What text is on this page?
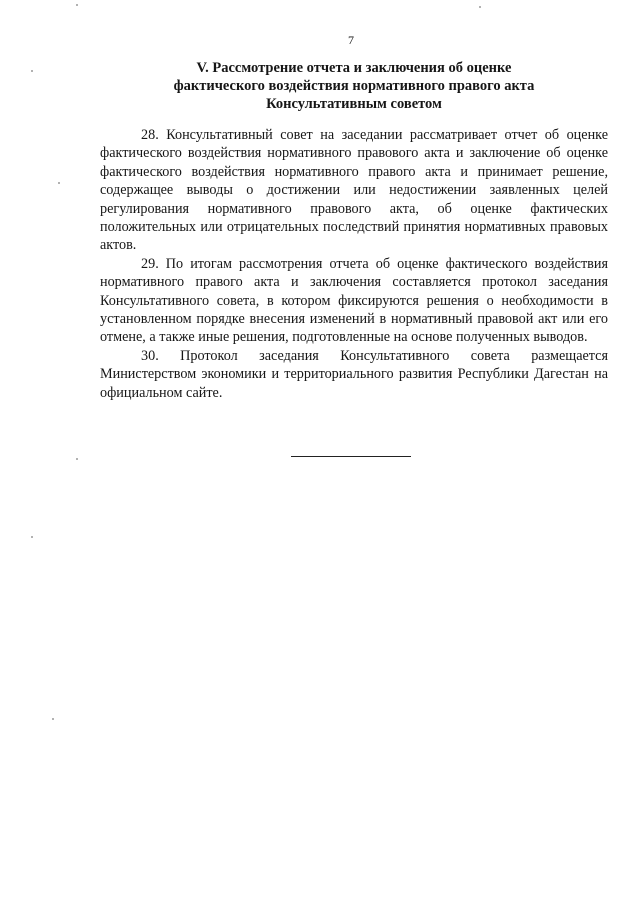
7
V. Рассмотрение отчета и заключения об оценке
фактического воздействия нормативного правого акта
Консультативным советом

28. Консультативный совет на заседании рассматривает отчет об оценке фактического воздействия нормативного правового акта и заключение об оценке фактического воздействия нормативного правого акта и принимает решение, содержащее выводы о достижении или недостижении заявленных целей регулирования нормативного правового акта, об оценке фактических положительных или отрицательных последствий принятия нормативных правовых актов.

29. По итогам рассмотрения отчета об оценке фактического воздействия нормативного правого акта и заключения составляется протокол заседания Консультативного совета, в котором фиксируются решения о необходимости в установленном порядке внесения изменений в нормативный правовой акт или его отмене, а также иные решения, подготовленные на основе полученных выводов.

30. Протокол заседания Консультативного совета размещается Министерством экономики и территориального развития Республики Дагестан на официальном сайте.
